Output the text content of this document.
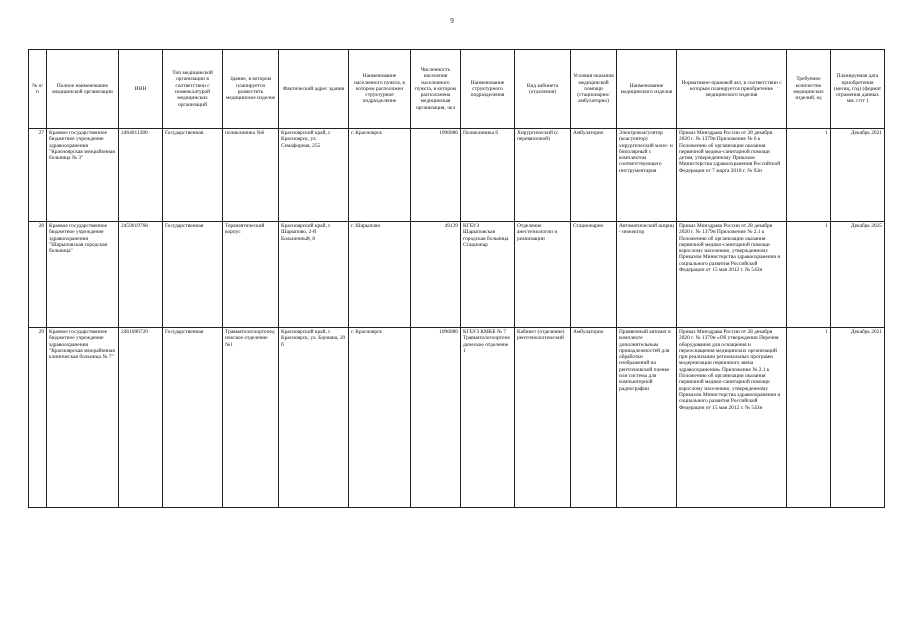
9
№ п/п	Полное наименование медицинской организации	ИНН	Тип медицинской организации в соответствии с номенклатурой медицинских организаций	Здание, в котором планируется разместить медицинское изделие	Фактический адрес здания	Наименование населенного пункта, в котором расположен структурное подразделение	Численность населения населенного пункта, в котором расположена медицинская организация, чел	Наименование структурного подразделения	Вид кабинета (отделения)	Условия оказания медицинской помощи (стационарно/ амбулаторно)	Наименование медицинского изделия	Нормативно-правовой акт, в соответствии с которым планируется приобретение медицинского изделия	Требуемое количество медицинских изделий, ед	Планируемая дата приобретения (месяц, год) (формат отражения данных мм. гггг )
27	Краевое государственное бюджетное учреждение здравоохранения "Красноярская межрайонная больница № 3"	2464011380	Государственная	поликлиника №6	Красноярский край, г. Красноярск, ул. Семафорная, 255	г. Красноярск	1096086	Поликлиника 6	Хирургический (с перевязочной)	Амбулаторно	Электрокоагулятор (коагулятор) хирургический моно- и биполярный с комплектом соответствующего инструментария	Приказ Минздрава России от 28 декабря 2020 г. № 1379н Приложение № 6 к Положению об организации оказания первичной медико-санитарной помощи детям, утвержденному Приказом Министерства здравоохранения Российской Федерации от 7 марта 2018 г. № 92н	1	Декабрь 2021
28	Краевое государственное бюджетное учреждение здравоохранения "Шарыповская городская больница"	2459019768	Государственная	Терапевтический корпус	Красноярский край, г. Шарыпово, 2-й Больничный, 8	г. Шарыпово	49139	КГБУЗ Шарыповская городская больница Стационар	Отделение анестезиологии и реанимации	Стационарно	Автоматический шприц - инжектор	Приказ Минздрава России от 28 декабря 2020 г. № 1379н Приложение № 2.1 к Положению об организации оказания первичной медико-санитарной помощи взрослому населению, утвержденному Приказом Министерства здравоохранения и социального развития Российской Федерации от 15 мая 2012 г. № 543н	1	Декабрь 2025
29	Краевое государственное бюджетное учреждение здравоохранения "Красноярская межрайонная клиническая больница № 7"	2461006720	Государственная	Травматологоортопедическое отделение №1	Красноярский край, г. Красноярск, ул. Баумана, 20 б	г. Красноярск	1096086	КГБУЗ КМКБ № 7 Травматологоортопедическое отделение 1	Кабинет (отделение) рентгенологический	Амбулаторно	Проявочный автомат в комплекте дополнительным принадлежностей для обработки изображений на рентгеновской пленке или система для компьютерной радиографии	Приказ Минздрава России от 28 декабря 2020 г. № 1379н «Об утверждении Перечня оборудования для оснащения и переоснащения медицинских организаций при реализации региональных программ модернизации первичного звена здравоохранения» Приложение № 2.1 к Положению об организации оказания первичной медико-санитарной помощи взрослому населению, утвержденному Приказом Министерства здравоохранения и социального развития Российской Федерации от 15 мая 2012 г. № 543н	1	Декабрь 2021
